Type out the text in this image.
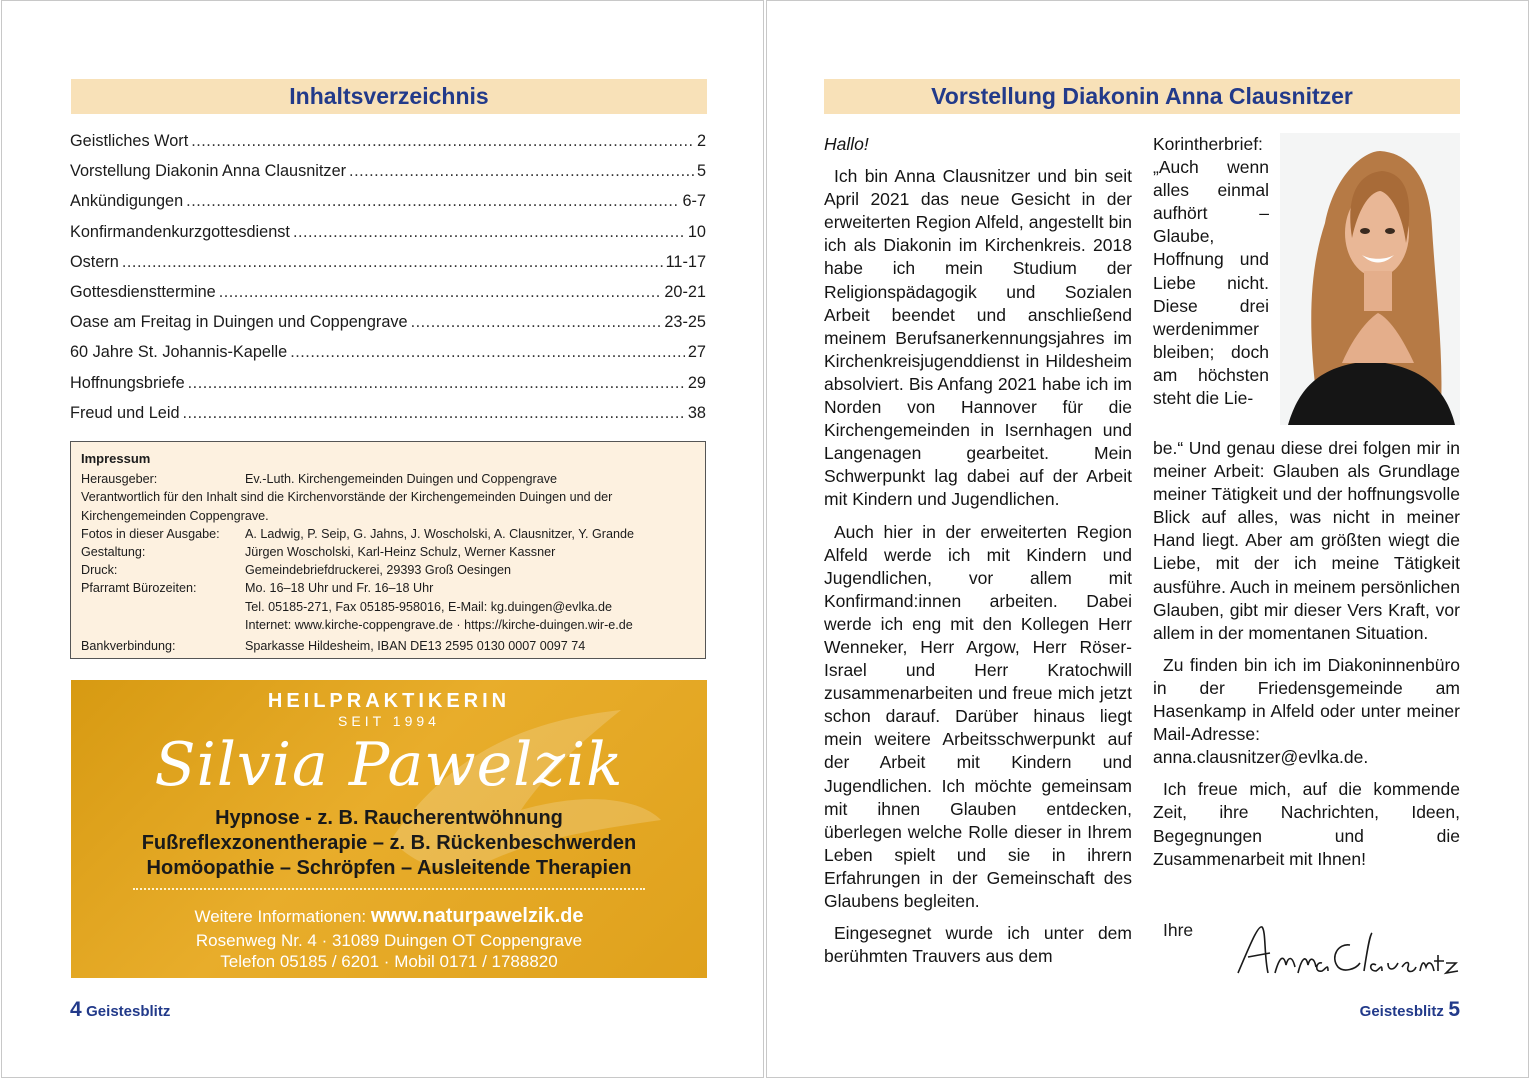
Inhaltsverzeichnis
Geistliches Wort .....	2
Vorstellung Diakonin Anna Clausnitzer .....	5
Ankündigungen .....	6-7
Konfirmandenkurzgottesdienst .....	10
Ostern .....	11-17
Gottesdiensttermine .....	20-21
Oase am Freitag in Duingen und Coppengrave .....	23-25
60 Jahre St. Johannis-Kapelle .....	27
Hoffnungsbriefe .....	29
Freud und Leid .....	38
Impressum
Herausgeber:	Ev.-Luth. Kirchengemeinden Duingen und Coppengrave
Verantwortlich für den Inhalt sind die Kirchenvorstände der Kirchengemeinden Duingen und der Kirchengemeinden Coppengrave.
Fotos in dieser Ausgabe:	A. Ladwig, P. Seip, G. Jahns, J. Woscholski, A. Clausnitzer, Y. Grande
Gestaltung:	Jürgen Woscholski, Karl-Heinz Schulz, Werner Kassner
Druck:	Gemeindebriefdruckerei, 29393 Groß Oesingen
Pfarramt Bürozeiten:	Mo. 16–18 Uhr und Fr. 16–18 Uhr
Tel. 05185-271, Fax 05185-958016, E-Mail: kg.duingen@evlka.de
Internet: www.kirche-coppengrave.de · https://kirche-duingen.wir-e.de
Bankverbindung:	Sparkasse Hildesheim, IBAN DE13 2595 0130 0007 0097 74
HEILPRAKTIKERIN
SEIT 1994
Silvia Pawelzik
Hypnose - z. B. Raucherentwöhnung
Fußreflexzonentherapie – z. B. Rückenbeschwerden
Homöopathie – Schröpfen – Ausleitende Therapien
Weitere Informationen: www.naturpawelzik.de
Rosenweg Nr. 4 · 31089 Duingen OT Coppengrave
Telefon 05185 / 6201 · Mobil 0171 / 1788820
4 Geistesblitz
Vorstellung Diakonin Anna Clausnitzer

Hallo!

Ich bin Anna Clausnitzer und bin seit April 2021 das neue Gesicht in der erweiterten Region Alfeld, angestellt bin ich als Diakonin im Kirchenkreis. 2018 habe ich mein Studium der Religionspädagogik und Sozialen Arbeit beendet und anschließend meinem Berufsanerkennungsjahres im Kirchenkreisjugenddienst in Hildesheim absolviert. Bis Anfang 2021 habe ich im Norden von Hannover für die Kirchengemeinden in Isernhagen und Langenagen gearbeitet. Mein Schwerpunkt lag dabei auf der Arbeit mit Kindern und Jugendlichen.

Auch hier in der erweiterten Region Alfeld werde ich mit Kindern und Jugendlichen, vor allem mit Konfirmand:innen arbeiten. Dabei werde ich eng mit den Kollegen Herr Wenneker, Herr Argow, Herr Röser-Israel und Herr Kratochwill zusammenarbeiten und freue mich jetzt schon darauf. Darüber hinaus liegt mein weitere Arbeitsschwerpunkt auf der Arbeit mit Kindern und Jugendlichen. Ich möchte gemeinsam mit ihnen Glauben entdecken, überlegen welche Rolle dieser in Ihrem Leben spielt und sie in ihrern Erfahrungen in der Gemeinschaft des Glaubens begleiten.

Eingesegnet wurde ich unter dem berühmten Trauvers aus dem

Korintherbrief: „Auch wenn alles einmal aufhört – Glaube, Hoffnung und Liebe nicht. Diese drei werdenimmer bleiben; doch am höchsten steht die Lie-

be.“ Und genau diese drei folgen mir in meiner Arbeit: Glauben als Grundlage meiner Tätigkeit und der hoffnungsvolle Blick auf alles, was nicht in meiner Hand liegt. Aber am größten wiegt die Liebe, mit der ich meine Tätigkeit ausführe. Auch in meinem persönlichen Glauben, gibt mir dieser Vers Kraft, vor allem in der momentanen Situation.

Zu finden bin ich im Diakoninnenbüro in der Friedensgemeinde am Hasenkamp in Alfeld oder unter meiner Mail-Adresse: anna.clausnitzer@evlka.de.

Ich freue mich, auf die kommende Zeit, ihre Nachrichten, Ideen, Begegnungen und die Zusammenarbeit mit Ihnen!

Ihre
Geistesblitz 5
